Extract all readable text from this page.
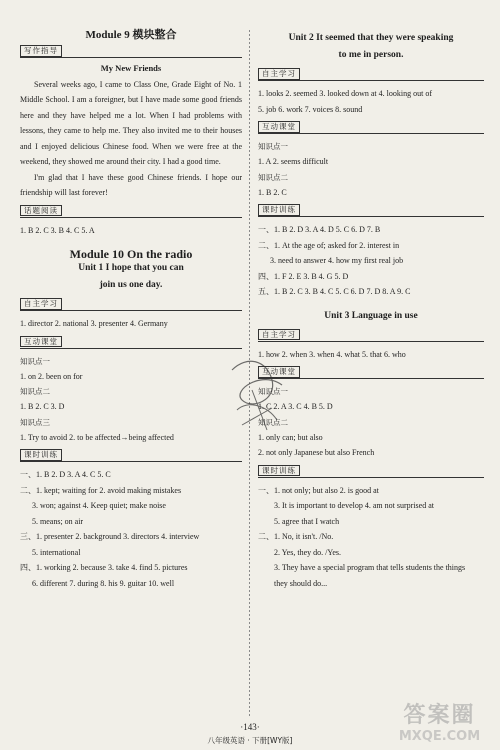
Module 9 模块整合
写作指导
My New Friends

Several weeks ago, I came to Class One, Grade Eight of No. 1 Middle School. I am a foreigner, but I have made some good friends here and they have helped me a lot. When I had problems with lessons, they came to help me. They also invited me to their houses and I enjoyed delicious Chinese food. When we were free at the weekend, they showed me around their city. I had a good time.

I'm glad that I have these good Chinese friends. I hope our friendship will last forever!

话题阅读
1. B 2. C 3. B 4. C 5. A
Module 10 On the radio
Unit 1 I hope that you can
join us one day.
自主学习
1. director 2. national 3. presenter 4. Germany
互动课堂
知识点一
1. on 2. been on for
知识点二
1. B 2. C 3. D
知识点三
1. Try to avoid 2. to be affected→being affected
课时训练
一、1. B 2. D 3. A 4. C 5. C
二、1. kept; waiting for 2. avoid making mistakes
3. won; against 4. Keep quiet; make noise
5. means; on air
三、1. presenter 2. background 3. directors 4. interview
5. international
四、1. working 2. because 3. take 4. find 5. pictures
6. different 7. during 8. his 9. guitar 10. well
Unit 2 It seemed that they were speaking
to me in person.
自主学习
1. looks 2. seemed 3. looked down at 4. looking out of
5. job 6. work 7. voices 8. sound
互动课堂
知识点一
1. A 2. seems difficult
知识点二
1. B 2. C
课时训练
一、1. B 2. D 3. A 4. D 5. C 6. D 7. B
二、1. At the age of; asked for 2. interest in
3. need to answer 4. how my first real job
四、1. F 2. E 3. B 4. G 5. D
五、1. B 2. C 3. B 4. C 5. C 6. D 7. D 8. A 9. C
Unit 3 Language in use
自主学习
1. how 2. when 3. when 4. what 5. that 6. who
互动课堂
知识点一
1. C 2. A 3. C 4. B 5. D
知识点二
1. only can; but also
2. not only Japanese but also French
课时训练
一、1. not only; but also 2. is good at
3. It is important to develop 4. am not surprised at
5. agree that I watch
二、1. No, it isn't. /No.
2. Yes, they do. /Yes.
3. They have a special program that tells students the things
they should do...
·143·
八年级英语 · 下册[WY版]
答案圈
MXQE.COM
